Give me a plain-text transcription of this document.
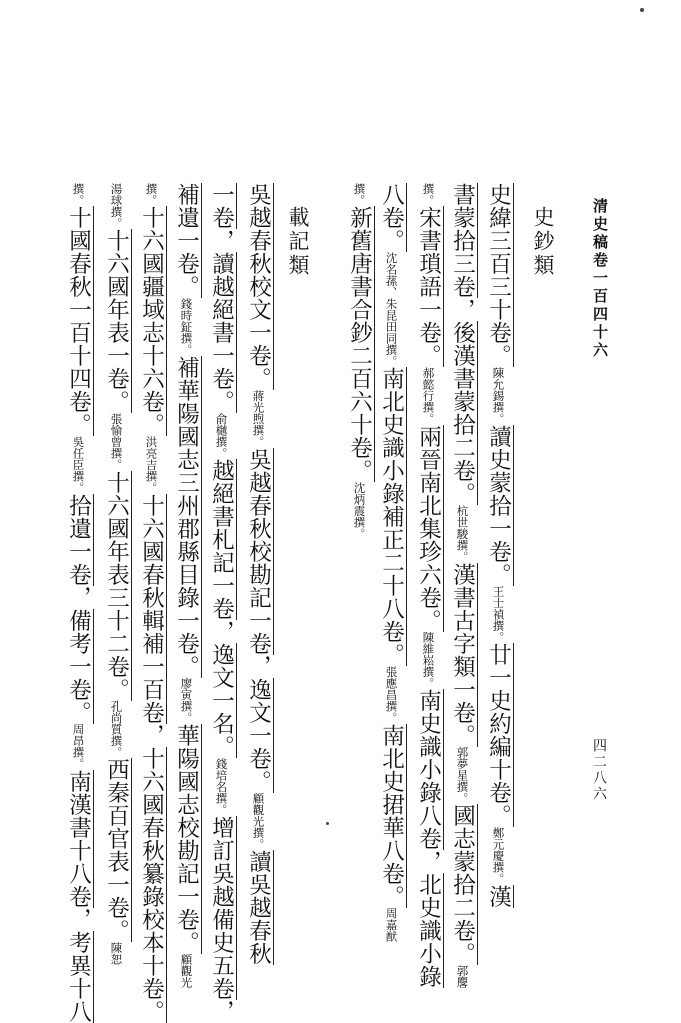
清史稿卷一百四十六
四二八六
史鈔類
載記類	史緯三百三十卷。陳允錫撰。讀史蒙拾一卷。王士禎撰。廿一史約編十卷。鄭元慶撰。漢
書蒙拾三卷，後漢書蒙拾二卷。杭世駿撰。漢書古字類一卷。郭夢星撰。國志蒙拾二卷。郭麐
撰。宋書瑣語一卷。郝懿行撰。兩晉南北集珍六卷。陳維崧撰。南史識小錄八卷，北史識小錄
八卷。沈名蓀、朱昆田同撰。南北史識小錄補正二十八卷。張應昌撰。南北史捃華八卷。周嘉猷
撰。新舊唐書合鈔二百六十卷。沈炳震撰。
吳越春秋校文一卷。蔣光煦撰。吳越春秋校勘記一卷，逸文一卷。顧觀光撰。讀吳越春秋
一卷，讀越絕書一卷。俞樾撰。越絕書札記一卷，逸文一名。錢培名撰。增訂吳越備史五卷，
補遺一卷。錢時鉦撰。補華陽國志三州郡縣目錄一卷。廖寅撰。華陽國志校勘記一卷。顧觀光
撰。十六國疆域志十六卷。洪亮吉撰。十六國春秋輯補一百卷，十六國春秋纂錄校本十卷。
湯球撰。十六國年表一卷。張愉曾撰。十六國年表三十二卷。孔尚質撰。西秦百官表一卷。陳恕
撰。十國春秋一百十四卷。吳任臣撰。拾遺一卷，備考一卷。周昂撰。南漢書十八卷，考異十八
